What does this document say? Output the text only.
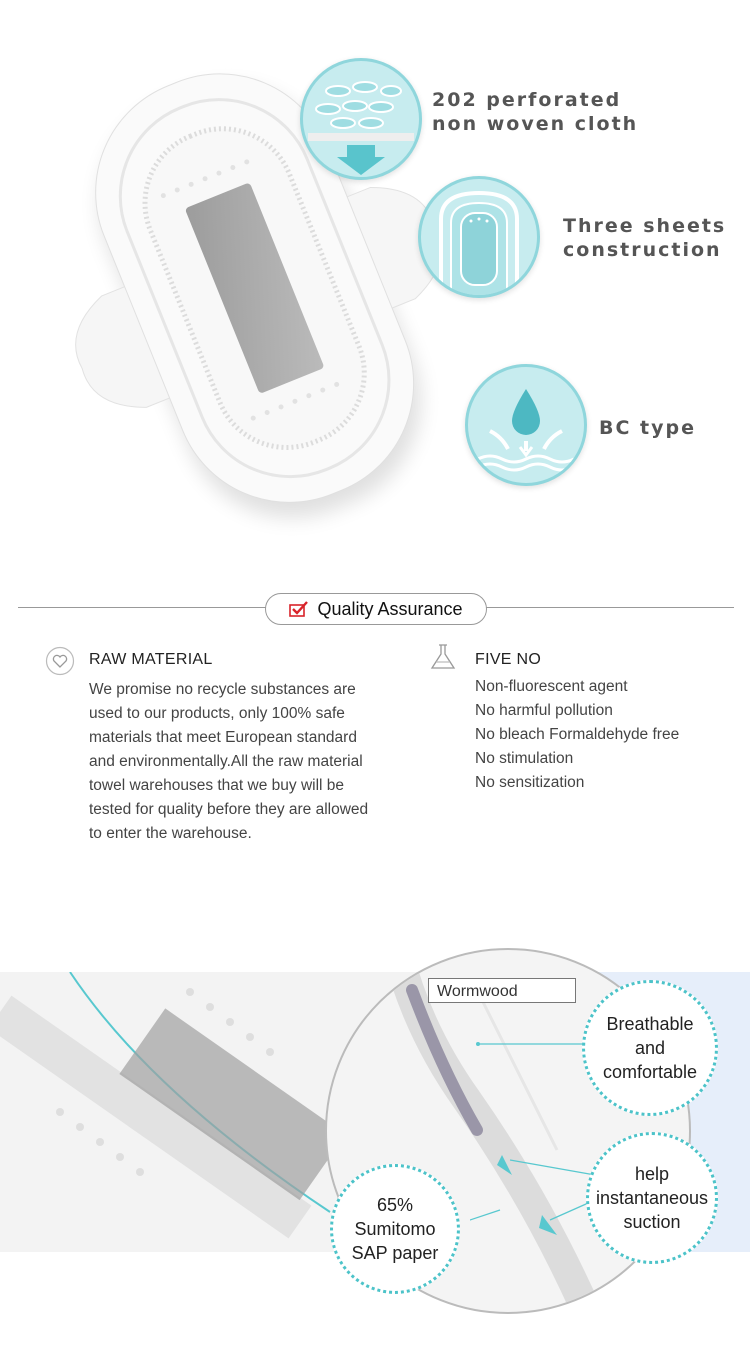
202 perforated
non woven cloth
Three sheets
construction
BC type
Quality Assurance
RAW MATERIAL
We promise no recycle substances are used to our products, only 100% safe materials that meet European standard and environmentally.All the raw material towel warehouses that we buy will be tested for quality before they are allowed to enter the warehouse.
FIVE NO
Non-fluorescent agent
No harmful pollution
No bleach Formaldehyde free
No stimulation
No sensitization
Wormwood
Breathable
and
comfortable
help
instantaneous
suction
65%
Sumitomo
SAP paper
